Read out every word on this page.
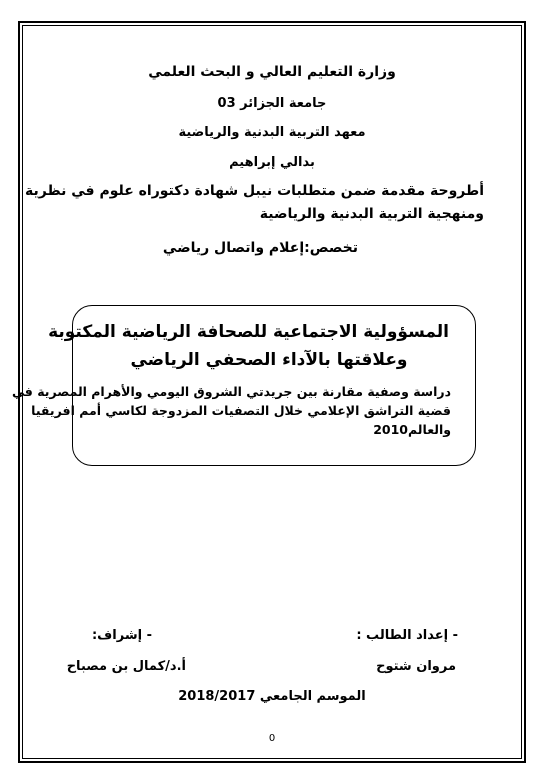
وزارة التعليم العالي و البحث العلمي
جامعة الجزائر 03
معهد التربية البدنية والرياضية
بدالي إبراهيم
أطروحة مقدمة ضمن متطلبات نيبل شهادة دكتوراه علوم في نظرية
ومنهجية التربية البدنية والرياضية
تخصص:إعلام واتصال رياضي
المسؤولية الاجتماعية للصحافة الرياضية المكتوبة
وعلاقتها بالآداء الصحفي الرياضي
دراسة وصفية مقارنة بين جريدتي الشروق اليومي والأهرام المصرية في
قضية التراشق الإعلامي خلال التصفيات المزدوجة لكاسي أمم افريقيا
والعالم2010
- إعداد الطالب :
- إشراف:
مروان شتوح
أ.د/كمال بن مصباح
الموسم الجامعي 2018/2017
0
